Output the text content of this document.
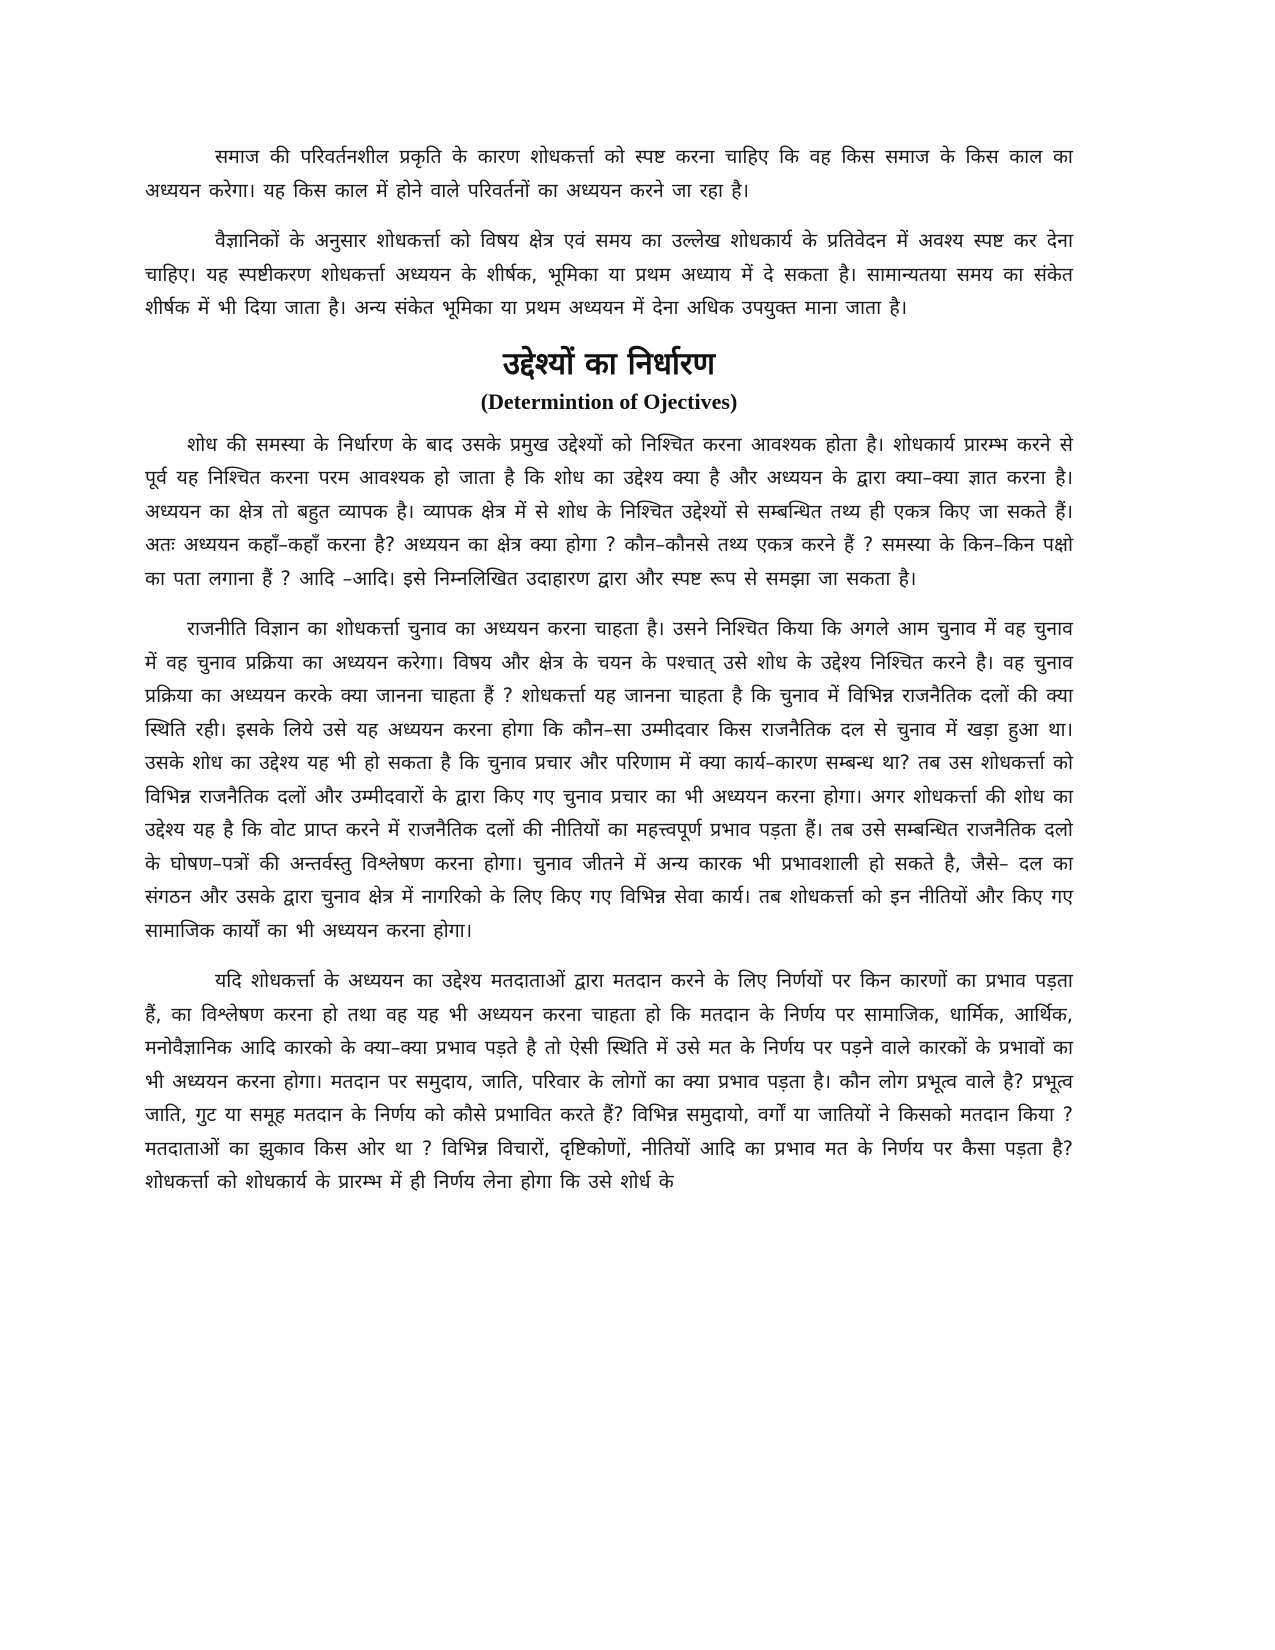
समाज की परिवर्तनशील प्रकृति के कारण शोधकर्त्ता को स्पष्ट करना चाहिए कि वह किस समाज के किस काल का अध्ययन करेगा। यह किस काल में होने वाले परिवर्तनों का अध्ययन करने जा रहा है।

वैज्ञानिकों के अनुसार शोधकर्त्ता को विषय क्षेत्र एवं समय का उल्लेख शोधकार्य के प्रतिवेदन में अवश्य स्पष्ट कर देना चाहिए। यह स्पष्टीकरण शोधकर्त्ता अध्ययन के शीर्षक, भूमिका या प्रथम अध्याय में दे सकता है। सामान्यतया समय का संकेत शीर्षक में भी दिया जाता है। अन्य संकेत भूमिका या प्रथम अध्ययन में देना अधिक उपयुक्त माना जाता है।

उद्देश्यों का निर्धारण
(Determintion of Ojectives)

शोध की समस्या के निर्धारण के बाद उसके प्रमुख उद्देश्यों को निश्चित करना आवश्यक होता है। शोधकार्य प्रारम्भ करने से पूर्व यह निश्चित करना परम आवश्यक हो जाता है कि शोध का उद्देश्य क्या है और अध्ययन के द्वारा क्या–क्या ज्ञात करना है। अध्ययन का क्षेत्र तो बहुत व्यापक है। व्यापक क्षेत्र में से शोध के निश्चित उद्देश्यों से सम्बन्धित तथ्य ही एकत्र किए जा सकते हैं। अतः अध्ययन कहाँ–कहाँ करना है? अध्ययन का क्षेत्र क्या होगा ? कौन–कौनसे तथ्य एकत्र करने हैं ? समस्या के किन–किन पक्षो का पता लगाना हैं ? आदि –आदि। इसे निम्नलिखित उदाहारण द्वारा और स्पष्ट रूप से समझा जा सकता है।

राजनीति विज्ञान का शोधकर्त्ता चुनाव का अध्ययन करना चाहता है। उसने निश्चित किया कि अगले आम चुनाव में वह चुनाव में वह चुनाव प्रक्रिया का अध्ययन करेगा। विषय और क्षेत्र के चयन के पश्चात् उसे शोध के उद्देश्य निश्चित करने है। वह चुनाव प्रक्रिया का अध्ययन करके क्या जानना चाहता हैं ? शोधकर्त्ता यह जानना चाहता है कि चुनाव में विभिन्न राजनैतिक दलों की क्या स्थिति रही। इसके लिये उसे यह अध्ययन करना होगा कि कौन–सा उम्मीदवार किस राजनैतिक दल से चुनाव में खड़ा हुआ था। उसके शोध का उद्देश्य यह भी हो सकता है कि चुनाव प्रचार और परिणाम में क्या कार्य–कारण सम्बन्ध था? तब उस शोधकर्त्ता को विभिन्न राजनैतिक दलों और उम्मीदवारों के द्वारा किए गए चुनाव प्रचार का भी अध्ययन करना होगा। अगर शोधकर्त्ता की शोध का उद्देश्य यह है कि वोट प्राप्त करने में राजनैतिक दलों की नीतियों का महत्त्वपूर्ण प्रभाव पड़ता हैं। तब उसे सम्बन्धित राजनैतिक दलो के घोषण–पत्रों की अन्तर्वस्तु विश्लेषण करना होगा। चुनाव जीतने में अन्य कारक भी प्रभावशाली हो सकते है, जैसे– दल का संगठन और उसके द्वारा चुनाव क्षेत्र में नागरिको के लिए किए गए विभिन्न सेवा कार्य। तब शोधकर्त्ता को इन नीतियों और किए गए सामाजिक कार्यों का भी अध्ययन करना होगा।

यदि शोधकर्त्ता के अध्ययन का उद्देश्य मतदाताओं द्वारा मतदान करने के लिए निर्णयों पर किन कारणों का प्रभाव पड़ता हैं, का विश्लेषण करना हो तथा वह यह भी अध्ययन करना चाहता हो कि मतदान के निर्णय पर सामाजिक, धार्मिक, आर्थिक, मनोवैज्ञानिक आदि कारको के क्या–क्या प्रभाव पड़ते है तो ऐसी स्थिति में उसे मत के निर्णय पर पड़ने वाले कारकों के प्रभावों का भी अध्ययन करना होगा। मतदान पर समुदाय, जाति, परिवार के लोगों का क्या प्रभाव पड़ता है। कौन लोग प्रभूत्व वाले है? प्रभूत्व जाति, गुट या समूह मतदान के निर्णय को कौसे प्रभावित करते हैं? विभिन्न समुदायो, वर्गों या जातियों ने किसको मतदान किया ? मतदाताओं का झुकाव किस ओर था ? विभिन्न विचारों, दृष्टिकोणों, नीतियों आदि का प्रभाव मत के निर्णय पर कैसा पड़ता है? शोधकर्त्ता को शोधकार्य के प्रारम्भ में ही निर्णय लेना होगा कि उसे शोर्ध के
